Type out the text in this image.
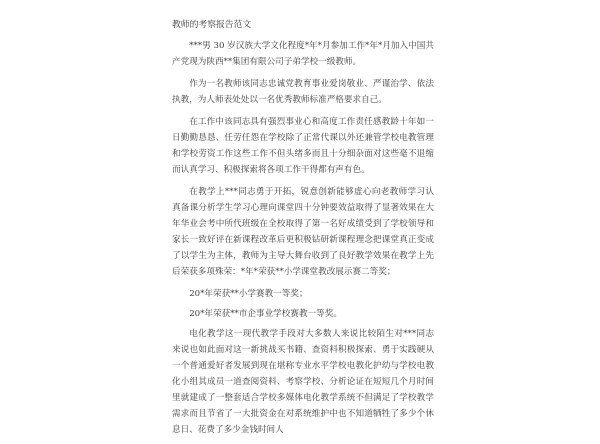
教师的考察报告范文

***男 30 岁汉族大学文化程度*年*月参加工作*年*月加入中国共产党现为陕西**集团有限公司子弟学校一级教师。

作为一名教师该同志忠诚党教育事业爱岗敬业、严谨治学、依法执教，为人师表处处以一名优秀教师标准严格要求自己。

在工作中该同志具有强烈事业心和高度工作责任感教龄十年如一日勤勤恳恳、任劳任怨在学校除了正常代课以外还兼管学校电教管理和学校劳资工作这些工作不但头绪多而且十分细杂面对这些毫不退缩而认真学习、积极探索将各项工作干得都有声有色。

在教学上***同志勇于开拓，锐意创新能够虚心向老教师学习认真备课分析学生学习心理向课堂四十分钟要效益取得了显著效果在大年华业会考中所代班级在全校取得了第一名好成绩受到了学校领导和家长一致好评在新课程改革后更积极钻研新课程理念把课堂真正变成了以学生为主体，教师为主导大舞台收到了良好教学效果在教学上先后荣获多项殊荣：*年*荣获**小学课堂教改展示赛二等奖；

20*年荣获**小学赛教一等奖；

20*年荣获**市企事业学校赛教一等奖。

电化教学这一现代教学手段对大多数人来说比较陌生对***同志来说也如此面对这一新挑战买书籍、查资料积极探索、勇于实践硬从一个普通爱好者发展到现在堪称专业水平学校电教化护幼与学校电教化小组其成员一道查阅资料、考察学校、分析论证在短短几个月时间里就建成了一整套适合学校多媒体电化教学系统不但满足了学校教学需求而且节省了一大批资金在对系统维护中也不知道牺牲了多少个休息日、花费了多少金钱时间人
